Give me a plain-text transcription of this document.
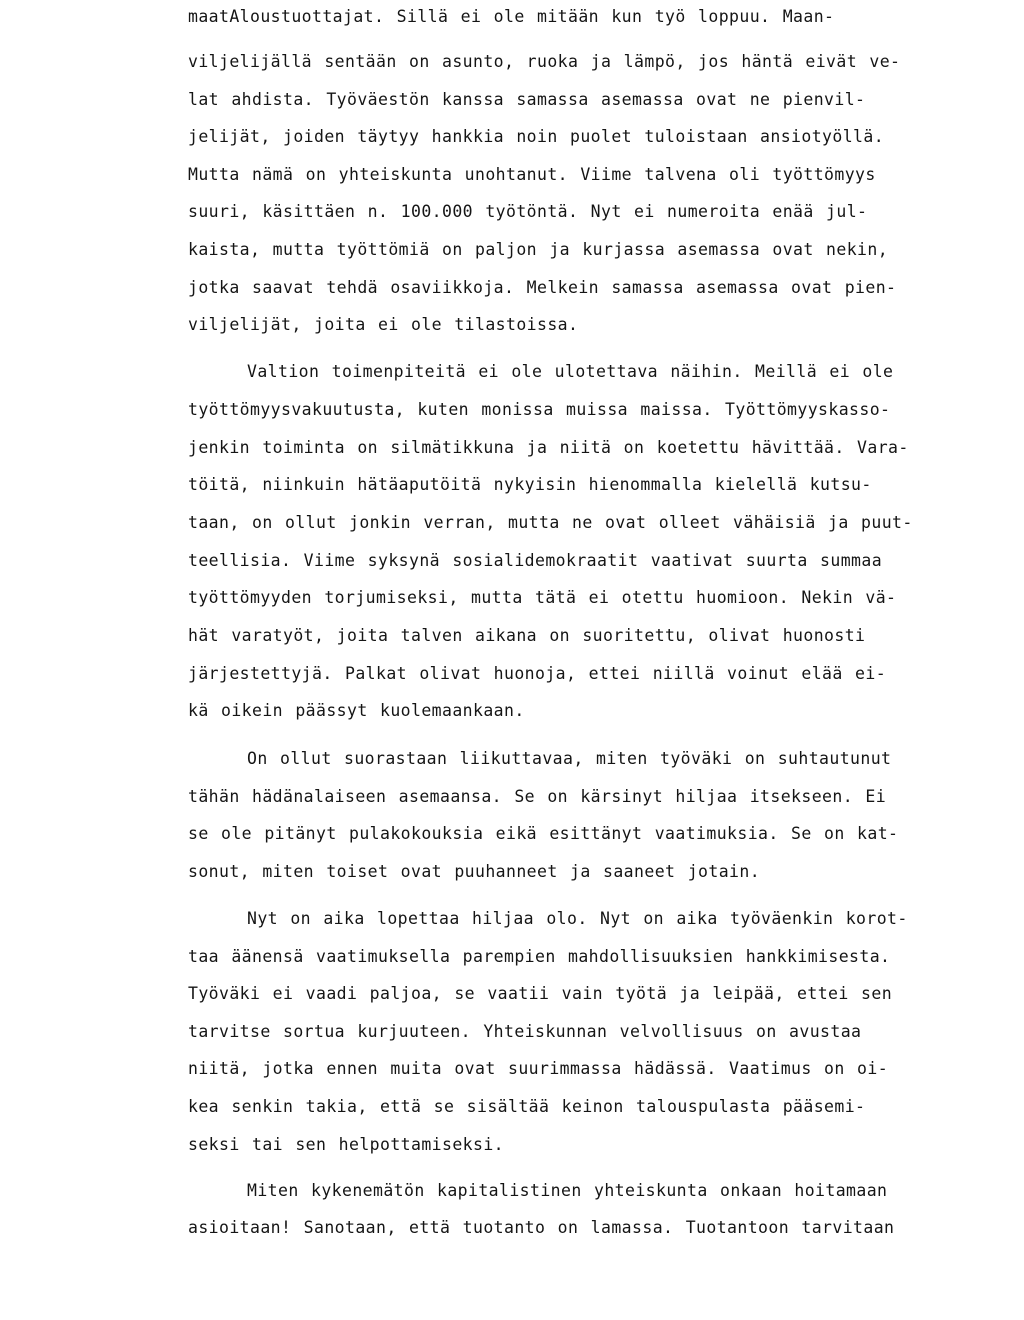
maatAloustuottajat. Sillä ei ole mitään kun työ loppuu. Maan-
viljelijällä sentään on asunto, ruoka ja lämpö, jos häntä eivät ve-
lat ahdista. Työväestön kanssa samassa asemassa ovat ne pienvil-
jelijät, joiden täytyy hankkia noin puolet tuloistaan ansiotyöllä.
Mutta nämä on yhteiskunta unohtanut. Viime talvena oli työttömyys
suuri, käsittäen n. 100.000 työtöntä. Nyt ei numeroita enää jul-
kaista, mutta työttömiä on paljon ja kurjassa asemassa ovat nekin,
jotka saavat tehdä osaviikkoja. Melkein samassa asemassa ovat pien-
viljelijät, joita ei ole tilastoissa.
Valtion toimenpiteitä ei ole ulotettava näihin. Meillä ei ole
työttömyysvakuutusta, kuten monissa muissa maissa. Työttömyyskasso-
jenkin toiminta on silmätikkuna ja niitä on koetettu hävittää. Vara-
töitä, niinkuin hätäaputöitä nykyisin hienommalla kielellä kutsu-
taan, on ollut jonkin verran, mutta ne ovat olleet vähäisiä ja puut-
teellisia. Viime syksynä sosialidemokraatit vaativat suurta summaa
työttömyyden torjumiseksi, mutta tätä ei otettu huomioon. Nekin vä-
hät varatyöt, joita talven aikana on suoritettu, olivat huonosti
järjestettyjä. Palkat olivat huonoja, ettei niillä voinut elää ei-
kä oikein päässyt kuolemaankaan.
On ollut suorastaan liikuttavaa, miten työväki on suhtautunut
tähän hädänalaiseen asemaansa. Se on kärsinyt hiljaa itsekseen. Ei
se ole pitänyt pulakokouksia eikä esittänyt vaatimuksia. Se on kat-
sonut, miten toiset ovat puuhanneet ja saaneet jotain.
Nyt on aika lopettaa hiljaa olo. Nyt on aika työväenkin korot-
taa äänensä vaatimuksella parempien mahdollisuuksien hankkimisesta.
Työväki ei vaadi paljoa, se vaatii vain työtä ja leipää, ettei sen
tarvitse sortua kurjuuteen. Yhteiskunnan velvollisuus on avustaa
niitä, jotka ennen muita ovat suurimmassa hädässä. Vaatimus on oi-
kea senkin takia, että se sisältää keinon talouspulasta pääsemi-
seksi tai sen helpottamiseksi.
Miten kykenemätön kapitalistinen yhteiskunta onkaan hoitamaan
asioitaan! Sanotaan, että tuotanto on lamassa. Tuotantoon tarvitaan
